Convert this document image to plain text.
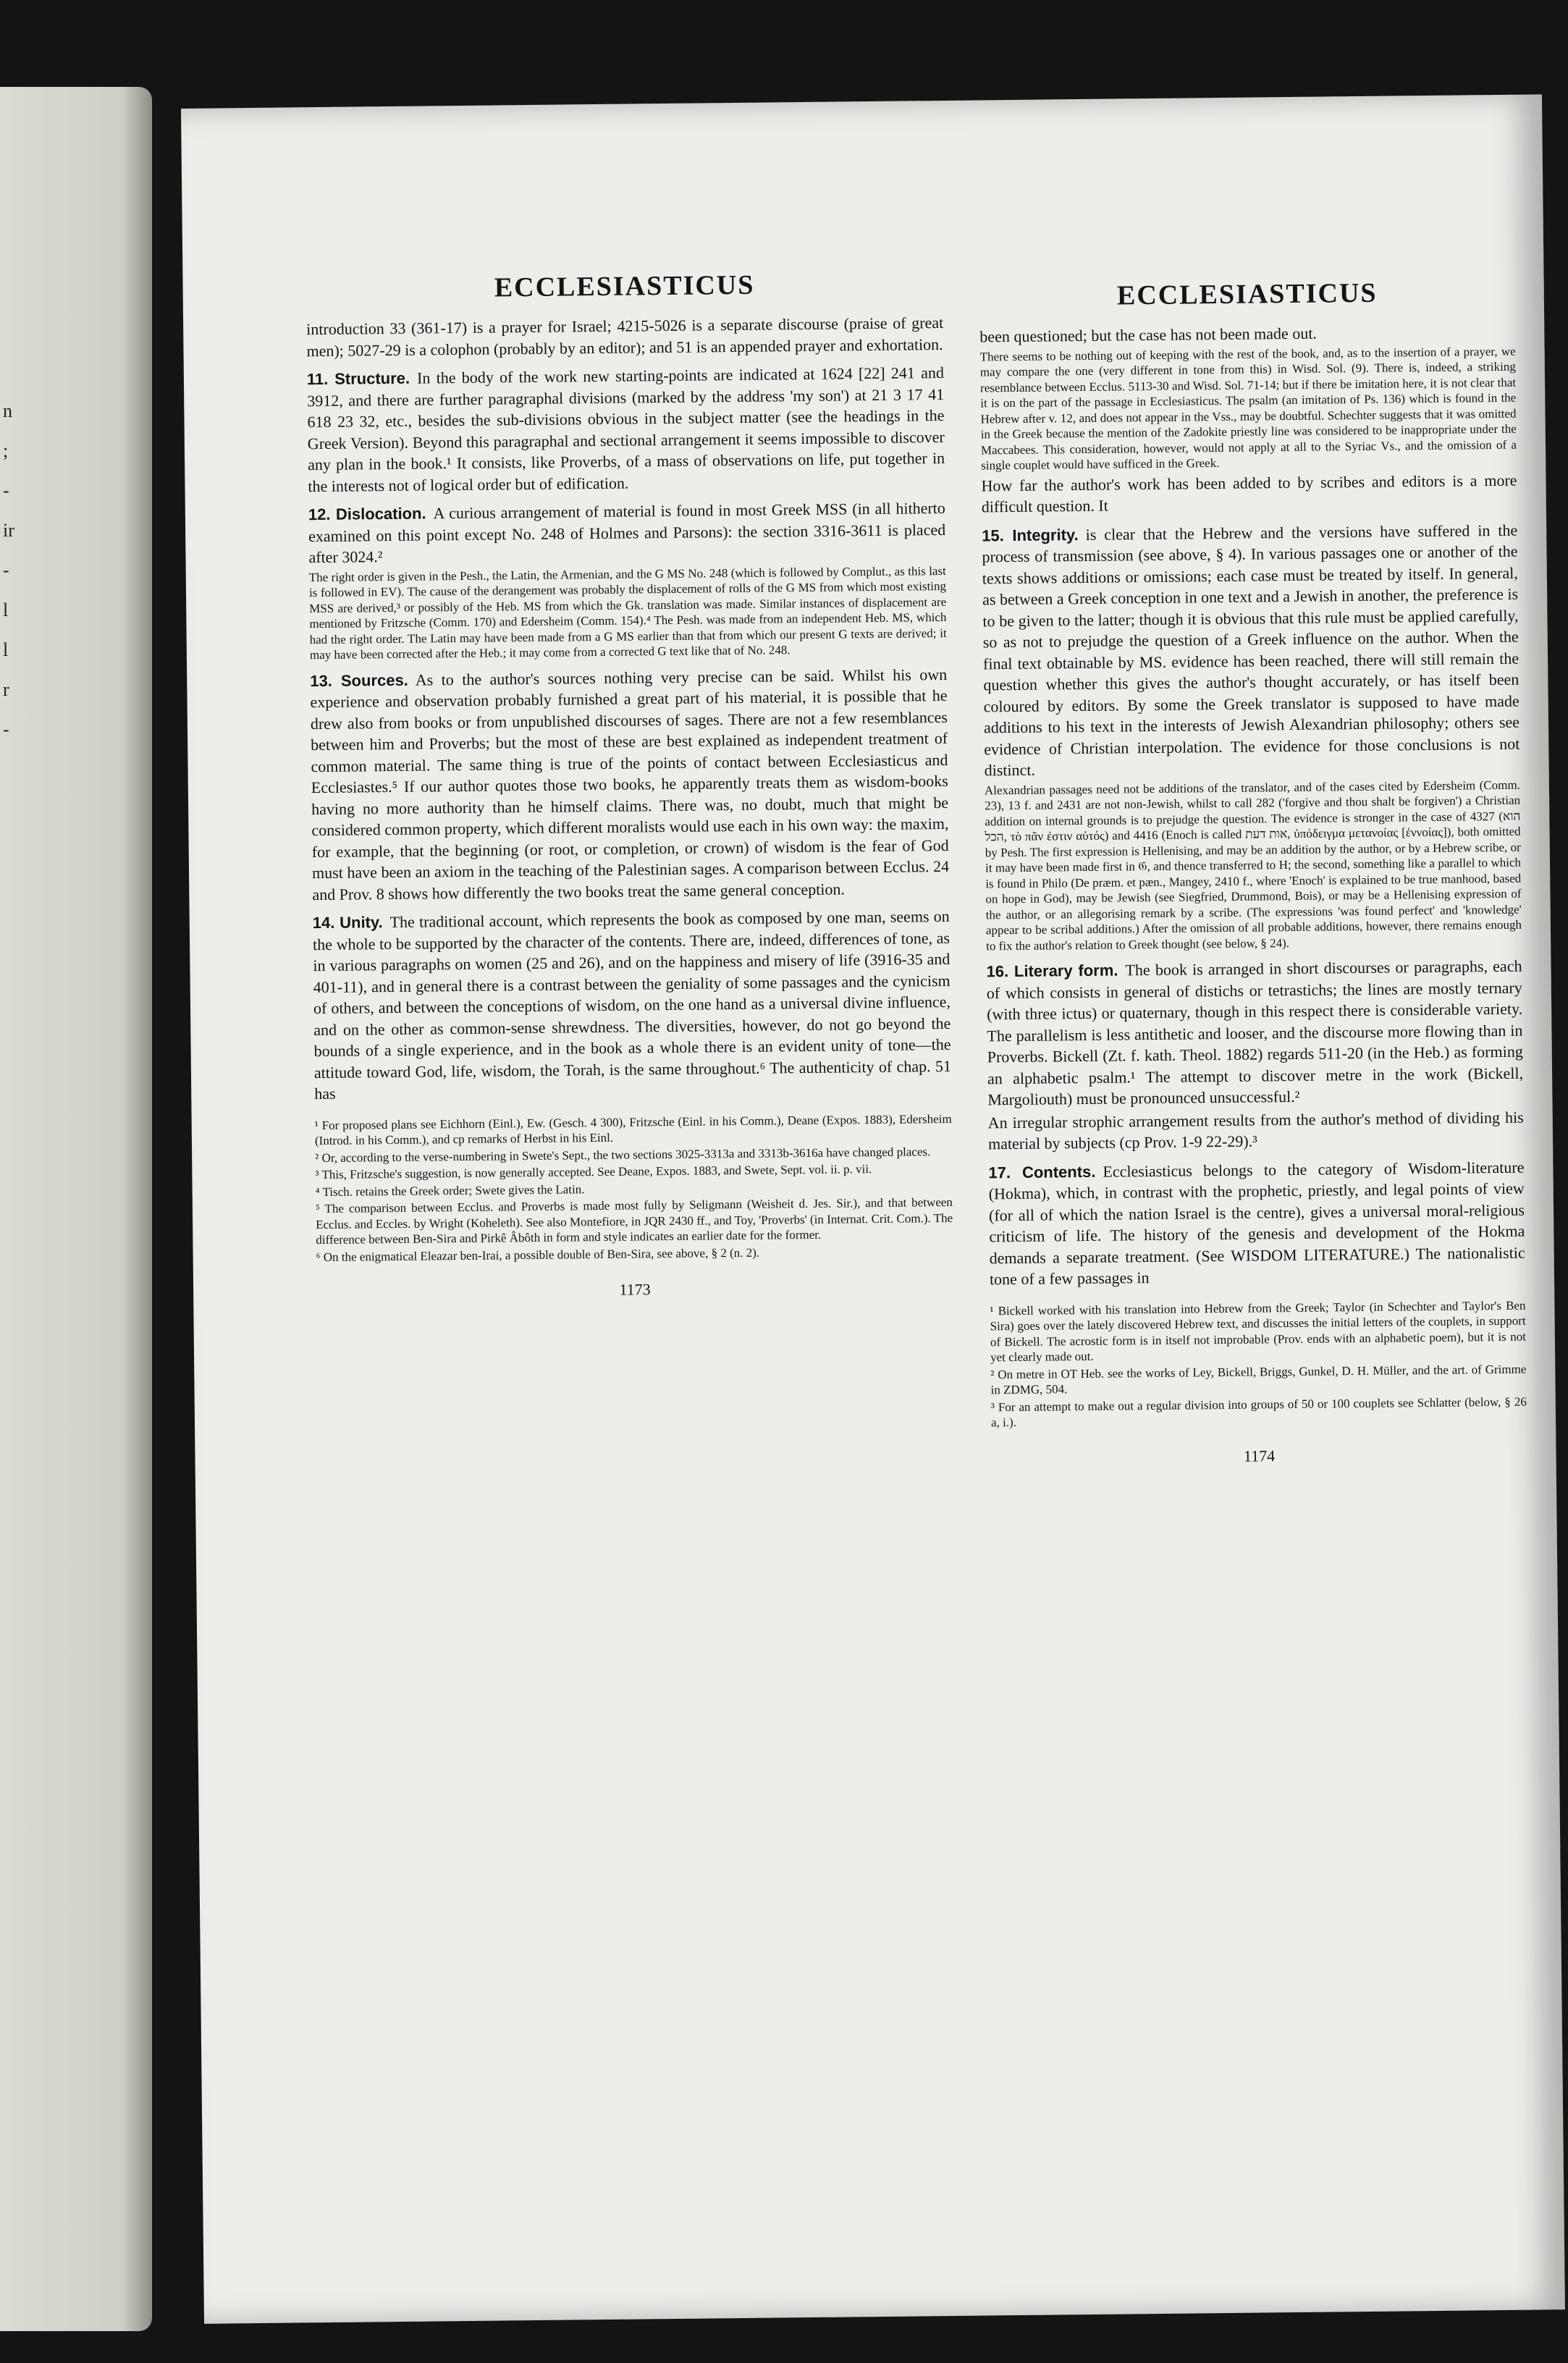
n
;
-
ir
-
l
l
r
-
ECCLESIASTICUS

introduction 33 (361-17) is a prayer for Israel; 4215-5026 is a separate discourse (praise of great men); 5027-29 is a colophon (probably by an editor); and 51 is an appended prayer and exhortation.

11. Structure. In the body of the work new starting-points are indicated at 1624 [22] 241 and 3912, and there are further paragraphal divisions (marked by the address 'my son') at 21 3 17 41 618 23 32, etc., besides the sub-divisions obvious in the subject matter (see the headings in the Greek Version). Beyond this paragraphal and sectional arrangement it seems impossible to discover any plan in the book.¹ It consists, like Proverbs, of a mass of observations on life, put together in the interests not of logical order but of edification.

12. Dislocation. A curious arrangement of material is found in most Greek MSS (in all hitherto examined on this point except No. 248 of Holmes and Parsons): the section 3316-3611 is placed after 3024.²

The right order is given in the Pesh., the Latin, the Armenian, and the G MS No. 248 (which is followed by Complut., as this last is followed in EV). The cause of the derangement was probably the displacement of rolls of the G MS from which most existing MSS are derived,³ or possibly of the Heb. MS from which the Gk. translation was made. Similar instances of displacement are mentioned by Fritzsche (Comm. 170) and Edersheim (Comm. 154).⁴ The Pesh. was made from an independent Heb. MS, which had the right order. The Latin may have been made from a G MS earlier than that from which our present G texts are derived; it may have been corrected after the Heb.; it may come from a corrected G text like that of No. 248.

13. Sources. As to the author's sources nothing very precise can be said. Whilst his own experience and observation probably furnished a great part of his material, it is possible that he drew also from books or from unpublished discourses of sages. There are not a few resemblances between him and Proverbs; but the most of these are best explained as independent treatment of common material. The same thing is true of the points of contact between Ecclesiasticus and Ecclesiastes.⁵ If our author quotes those two books, he apparently treats them as wisdom-books having no more authority than he himself claims. There was, no doubt, much that might be considered common property, which different moralists would use each in his own way: the maxim, for example, that the beginning (or root, or completion, or crown) of wisdom is the fear of God must have been an axiom in the teaching of the Palestinian sages. A comparison between Ecclus. 24 and Prov. 8 shows how differently the two books treat the same general conception.

14. Unity. The traditional account, which represents the book as composed by one man, seems on the whole to be supported by the character of the contents. There are, indeed, differences of tone, as in various paragraphs on women (25 and 26), and on the happiness and misery of life (3916-35 and 401-11), and in general there is a contrast between the geniality of some passages and the cynicism of others, and between the conceptions of wisdom, on the one hand as a universal divine influence, and on the other as common-sense shrewdness. The diversities, however, do not go beyond the bounds of a single experience, and in the book as a whole there is an evident unity of tone—the attitude toward God, life, wisdom, the Torah, is the same throughout.⁶ The authenticity of chap. 51 has

¹ For proposed plans see Eichhorn (Einl.), Ew. (Gesch. 4 300), Fritzsche (Einl. in his Comm.), Deane (Expos. 1883), Edersheim (Introd. in his Comm.), and cp remarks of Herbst in his Einl.

² Or, according to the verse-numbering in Swete's Sept., the two sections 3025-3313a and 3313b-3616a have changed places.

³ This, Fritzsche's suggestion, is now generally accepted. See Deane, Expos. 1883, and Swete, Sept. vol. ii. p. vii.

⁴ Tisch. retains the Greek order; Swete gives the Latin.

⁵ The comparison between Ecclus. and Proverbs is made most fully by Seligmann (Weisheit d. Jes. Sir.), and that between Ecclus. and Eccles. by Wright (Koheleth). See also Montefiore, in JQR 2430 ff., and Toy, 'Proverbs' (in Internat. Crit. Com.). The difference between Ben-Sira and Pirkê Âbôth in form and style indicates an earlier date for the former.

⁶ On the enigmatical Eleazar ben-Irai, a possible double of Ben-Sira, see above, § 2 (n. 2).

1173
ECCLESIASTICUS

been questioned; but the case has not been made out.

There seems to be nothing out of keeping with the rest of the book, and, as to the insertion of a prayer, we may compare the one (very different in tone from this) in Wisd. Sol. (9). There is, indeed, a striking resemblance between Ecclus. 5113-30 and Wisd. Sol. 71-14; but if there be imitation here, it is not clear that it is on the part of the passage in Ecclesiasticus. The psalm (an imitation of Ps. 136) which is found in the Hebrew after v. 12, and does not appear in the Vss., may be doubtful. Schechter suggests that it was omitted in the Greek because the mention of the Zadokite priestly line was considered to be inappropriate under the Maccabees. This consideration, however, would not apply at all to the Syriac Vs., and the omission of a single couplet would have sufficed in the Greek.

How far the author's work has been added to by scribes and editors is a more difficult question. It

15. Integrity. is clear that the Hebrew and the versions have suffered in the process of transmission (see above, § 4). In various passages one or another of the texts shows additions or omissions; each case must be treated by itself. In general, as between a Greek conception in one text and a Jewish in another, the preference is to be given to the latter; though it is obvious that this rule must be applied carefully, so as not to prejudge the question of a Greek influence on the author. When the final text obtainable by MS. evidence has been reached, there will still remain the question whether this gives the author's thought accurately, or has itself been coloured by editors. By some the Greek translator is supposed to have made additions to his text in the interests of Jewish Alexandrian philosophy; others see evidence of Christian interpolation. The evidence for those conclusions is not distinct.

Alexandrian passages need not be additions of the translator, and of the cases cited by Edersheim (Comm. 23), 13 f. and 2431 are not non-Jewish, whilst to call 282 ('forgive and thou shalt be forgiven') a Christian addition on internal grounds is to prejudge the question. The evidence is stronger in the case of 4327 (הוא הכל, τὸ πᾶν ἐστιν αὐτός) and 4416 (Enoch is called אות דעת, ὑπόδειγμα μετανοίας [ἐννοίας]), both omitted by Pesh. The first expression is Hellenising, and may be an addition by the author, or by a Hebrew scribe, or it may have been made first in 𝔊, and thence transferred to H; the second, something like a parallel to which is found in Philo (De præm. et pæn., Mangey, 2410 f., where 'Enoch' is explained to be true manhood, based on hope in God), may be Jewish (see Siegfried, Drummond, Bois), or may be a Hellenising expression of the author, or an allegorising remark by a scribe. (The expressions 'was found perfect' and 'knowledge' appear to be scribal additions.) After the omission of all probable additions, however, there remains enough to fix the author's relation to Greek thought (see below, § 24).

16. Literary form. The book is arranged in short discourses or paragraphs, each of which consists in general of distichs or tetrastichs; the lines are mostly ternary (with three ictus) or quaternary, though in this respect there is considerable variety. The parallelism is less antithetic and looser, and the discourse more flowing than in Proverbs. Bickell (Zt. f. kath. Theol. 1882) regards 511-20 (in the Heb.) as forming an alphabetic psalm.¹ The attempt to discover metre in the work (Bickell, Margoliouth) must be pronounced unsuccessful.²

An irregular strophic arrangement results from the author's method of dividing his material by subjects (cp Prov. 1-9 22-29).³

17. Contents. Ecclesiasticus belongs to the category of Wisdom-literature (Hokma), which, in contrast with the prophetic, priestly, and legal points of view (for all of which the nation Israel is the centre), gives a universal moral-religious criticism of life. The history of the genesis and development of the Hokma demands a separate treatment. (See WISDOM LITERATURE.) The nationalistic tone of a few passages in

¹ Bickell worked with his translation into Hebrew from the Greek; Taylor (in Schechter and Taylor's Ben Sira) goes over the lately discovered Hebrew text, and discusses the initial letters of the couplets, in support of Bickell. The acrostic form is in itself not improbable (Prov. ends with an alphabetic poem), but it is not yet clearly made out.

² On metre in OT Heb. see the works of Ley, Bickell, Briggs, Gunkel, D. H. Müller, and the art. of Grimme in ZDMG, 504.

³ For an attempt to make out a regular division into groups of 50 or 100 couplets see Schlatter (below, § 26 a, i.).

1174
